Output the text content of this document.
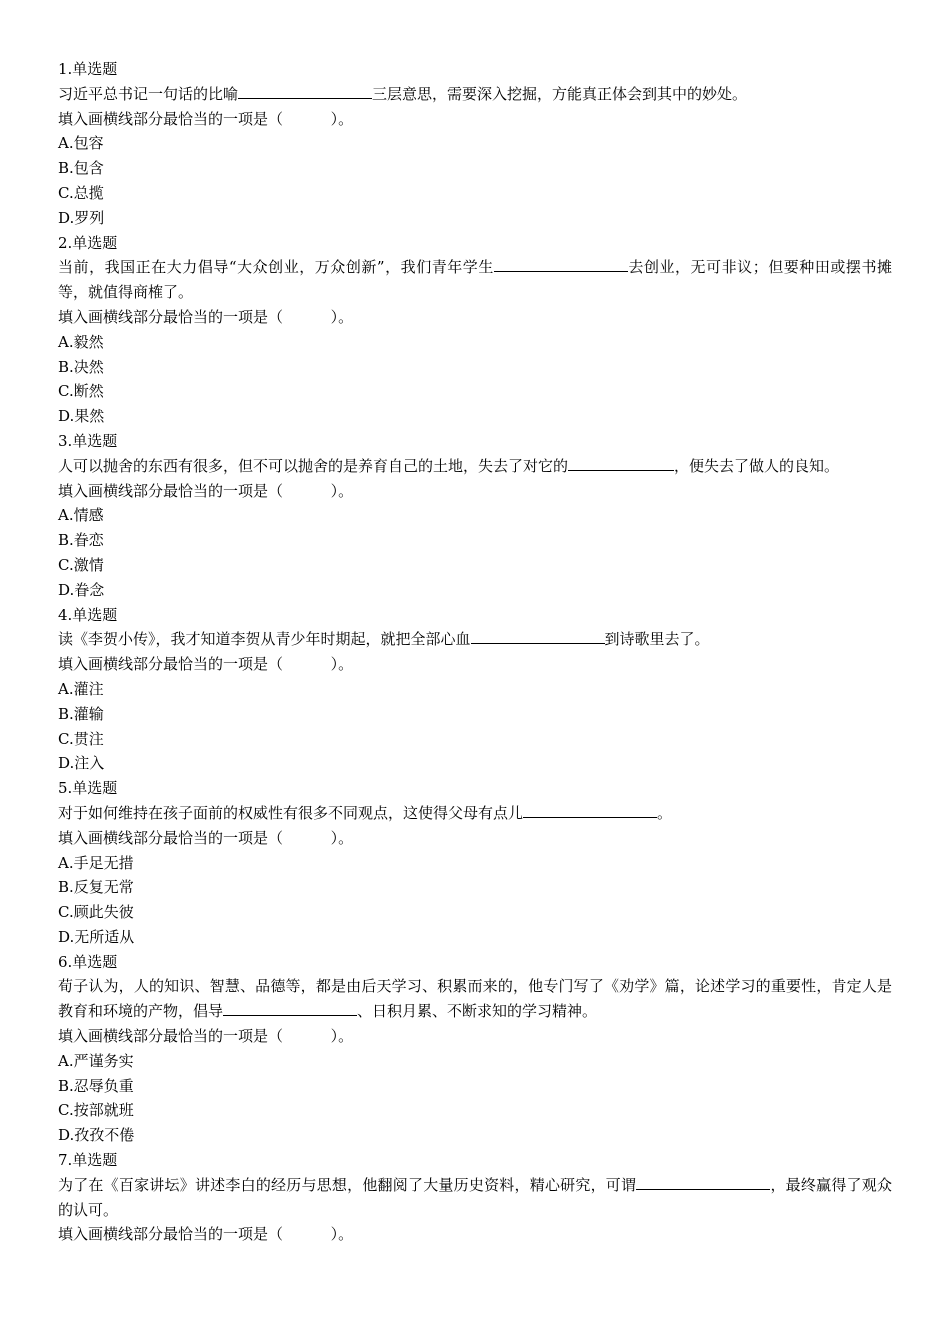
1.单选题

习近平总书记一句话的比喻	三层意思，需要深入挖掘，方能真正体会到其中的妙处。

填入画横线部分最恰当的一项是（          ）。

A.包容

B.包含

C.总揽

D.罗列

2.单选题

当前，我国正在大力倡导“大众创业，万众创新”，我们青年学生	去创业，无可非议；但要种田或摆书摊等，就值得商榷了。

填入画横线部分最恰当的一项是（          ）。

A.毅然

B.决然

C.断然

D.果然

3.单选题

人可以抛舍的东西有很多，但不可以抛舍的是养育自己的土地，失去了对它的	，便失去了做人的良知。

填入画横线部分最恰当的一项是（          ）。

A.情感

B.眷恋

C.激情

D.眷念

4.单选题

读《李贺小传》，我才知道李贺从青少年时期起，就把全部心血	到诗歌里去了。

填入画横线部分最恰当的一项是（          ）。

A.灌注

B.灌输

C.贯注

D.注入

5.单选题

对于如何维持在孩子面前的权威性有很多不同观点，这使得父母有点儿	。

填入画横线部分最恰当的一项是（          ）。

A.手足无措

B.反复无常

C.顾此失彼

D.无所适从

6.单选题

荀子认为，人的知识、智慧、品德等，都是由后天学习、积累而来的，他专门写了《劝学》篇，论述学习的重要性，肯定人是教育和环境的产物，倡导	、日积月累、不断求知的学习精神。

填入画横线部分最恰当的一项是（          ）。

A.严谨务实

B.忍辱负重

C.按部就班

D.孜孜不倦

7.单选题

为了在《百家讲坛》讲述李白的经历与思想，他翻阅了大量历史资料，精心研究，可谓	，最终赢得了观众的认可。

填入画横线部分最恰当的一项是（          ）。
